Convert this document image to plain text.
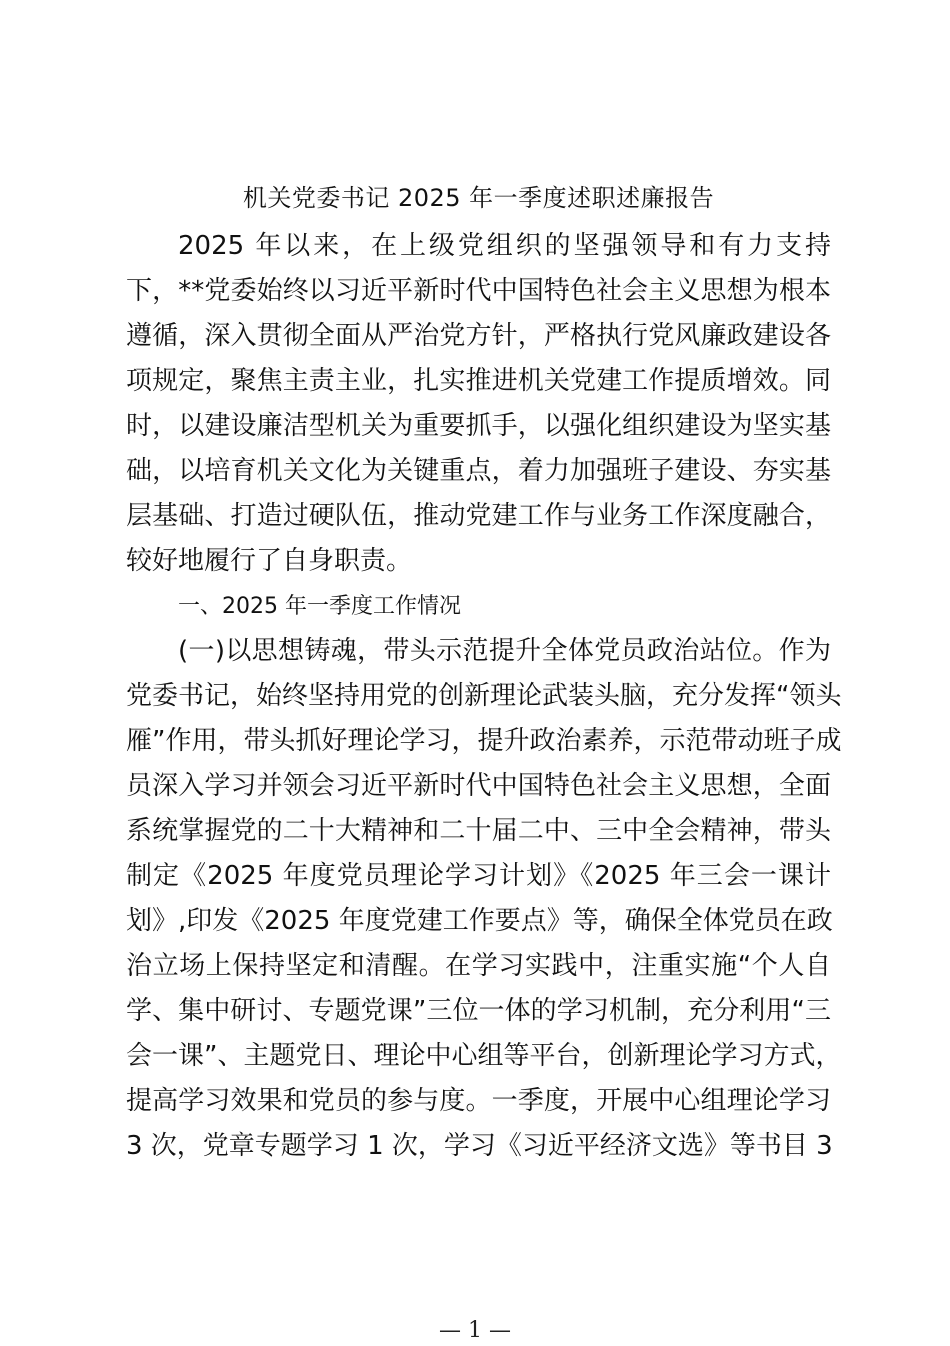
机关党委书记 2025 年一季度述职述廉报告
2025 年以来，在上级党组织的坚强领导和有力支持
下，**党委始终以习近平新时代中国特色社会主义思想为根本
遵循，深入贯彻全面从严治党方针，严格执行党风廉政建设各
项规定，聚焦主责主业，扎实推进机关党建工作提质增效。同
时，以建设廉洁型机关为重要抓手，以强化组织建设为坚实基
础，以培育机关文化为关键重点，着力加强班子建设、夯实基
层基础、打造过硬队伍，推动党建工作与业务工作深度融合，
较好地履行了自身职责。
一、2025 年一季度工作情况
(一)以思想铸魂，带头示范提升全体党员政治站位。作为
党委书记，始终坚持用党的创新理论武装头脑，充分发挥“领头
雁”作用，带头抓好理论学习，提升政治素养，示范带动班子成
员深入学习并领会习近平新时代中国特色社会主义思想，全面
系统掌握党的二十大精神和二十届二中、三中全会精神，带头
制定《2025 年度党员理论学习计划》《2025 年三会一课计
划》,印发《2025 年度党建工作要点》等，确保全体党员在政
治立场上保持坚定和清醒。在学习实践中，注重实施“个人自
学、集中研讨、专题党课”三位一体的学习机制，充分利用“三
会一课”、主题党日、理论中心组等平台，创新理论学习方式，
提高学习效果和党员的参与度。一季度，开展中心组理论学习
3 次，党章专题学习 1 次，学习《习近平经济文选》等书目 3
— 1 —
